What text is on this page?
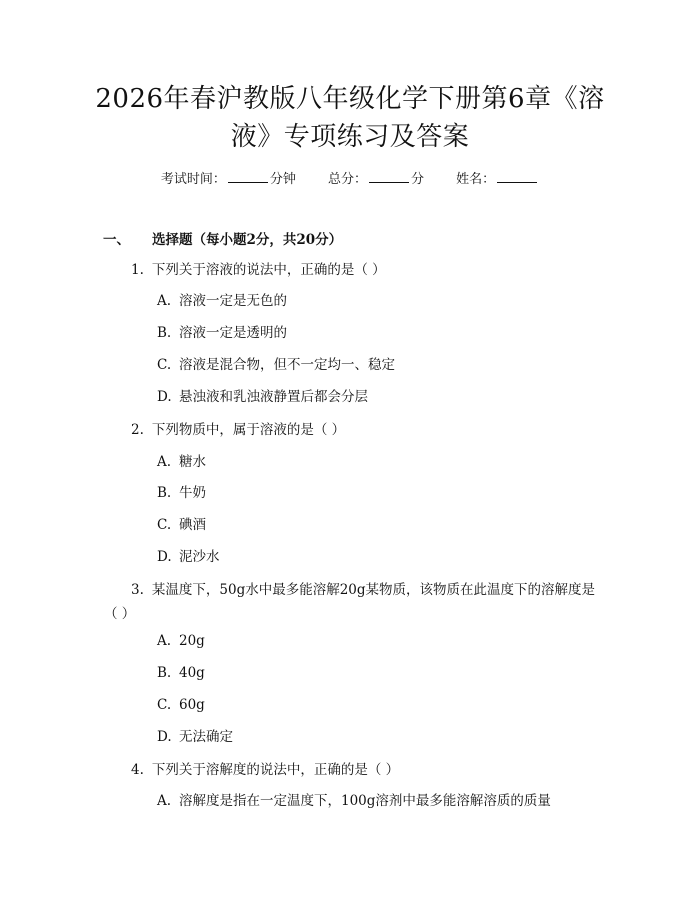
2026年春沪教版八年级化学下册第6章《溶
液》专项练习及答案
考试时间：	分钟 总分：	分 姓名：
一、 选择题（每小题2分，共20分）
1. 下列关于溶液的说法中，正确的是（ ）
A. 溶液一定是无色的
B. 溶液一定是透明的
C. 溶液是混合物，但不一定均一、稳定
D. 悬浊液和乳浊液静置后都会分层
2. 下列物质中，属于溶液的是（ ）
A. 糖水
B. 牛奶
C. 碘酒
D. 泥沙水
3. 某温度下，50g水中最多能溶解20g某物质，该物质在此温度下的溶解度是（ ）
A. 20g
B. 40g
C. 60g
D. 无法确定
4. 下列关于溶解度的说法中，正确的是（ ）
A. 溶解度是指在一定温度下，100g溶剂中最多能溶解溶质的质量
